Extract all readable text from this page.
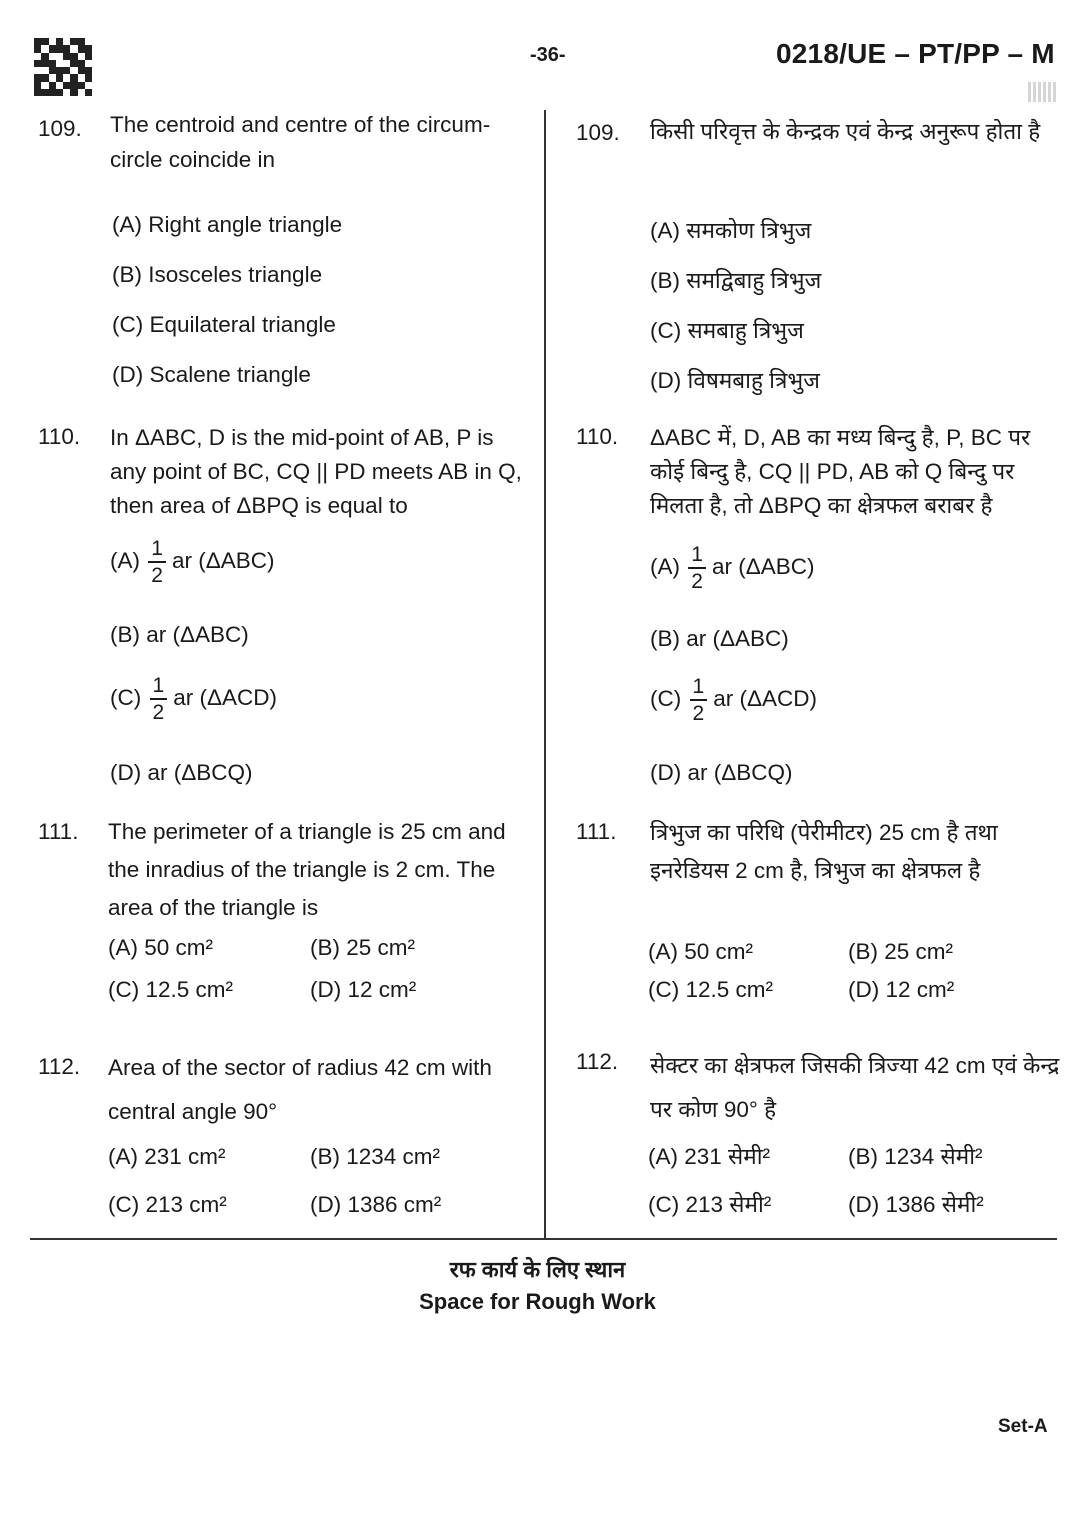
-36-	0218/UE – PT/PP – M
109. The centroid and centre of the circum-circle coincide in
(A) Right angle triangle
(B) Isosceles triangle
(C) Equilateral triangle
(D) Scalene triangle
110. In ΔABC, D is the mid-point of AB, P is any point of BC, CQ || PD meets AB in Q, then area of ΔBPQ is equal to
$(A) \frac{1}{2}$ ar (ΔABC)
(B) ar (ΔABC)
$(C) \frac{1}{2}$ ar (ΔACD)
(D) ar (ΔBCQ)
111. The perimeter of a triangle is 25 cm and the inradius of the triangle is 2 cm. The area of the triangle is
(A) 50 cm²	(B) 25 cm²
(C) 12.5 cm²	(D) 12 cm²
112. Area of the sector of radius 42 cm with central angle 90°
(A) 231 cm²	(B) 1234 cm²
(C) 213 cm²	(D) 1386 cm²
109. किसी परिवृत्त के केन्द्रक एवं केन्द्र अनुरूप होता है
(A) समकोण त्रिभुज
(B) समद्विबाहु त्रिभुज
(C) समबाहु त्रिभुज
(D) विषमबाहु त्रिभुज
110. ΔABC में, D, AB का मध्य बिन्दु है, P, BC पर कोई बिन्दु है, CQ || PD, AB को Q बिन्दु पर मिलता है, तो ΔBPQ का क्षेत्रफल बराबर है
$(A) \frac{1}{2}$ ar (ΔABC)
(B) ar (ΔABC)
$(C) \frac{1}{2}$ ar (ΔACD)
(D) ar (ΔBCQ)
111. त्रिभुज का परिधि (पेरीमीटर) 25 cm है तथा इनरेडियस 2 cm है, त्रिभुज का क्षेत्रफल है
(A) 50 cm²	(B) 25 cm²
(C) 12.5 cm²	(D) 12 cm²
112. सेक्टर का क्षेत्रफल जिसकी त्रिज्या 42 cm एवं केन्द्र पर कोण 90° है
(A) 231 सेमी²	(B) 1234 सेमी²
(C) 213 सेमी²	(D) 1386 सेमी²
रफ कार्य के लिए स्थान
Space for Rough Work
Set-A
